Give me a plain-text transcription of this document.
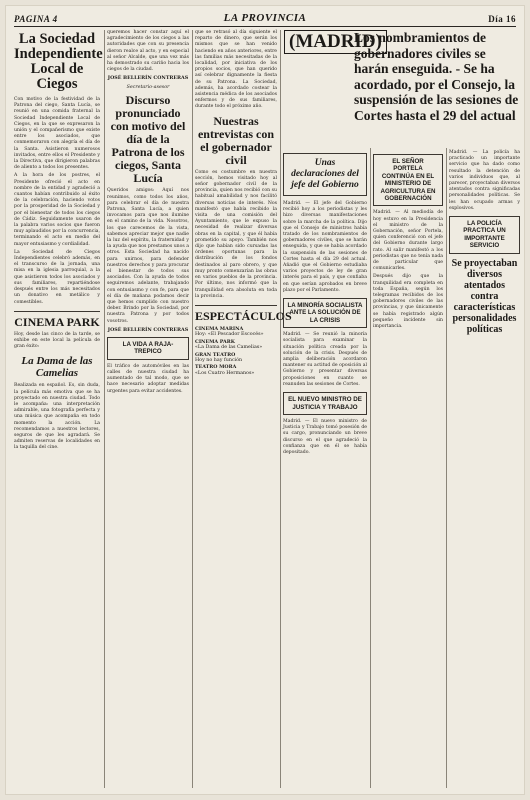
PAGINA 4	LA PROVINCIA	Día 16
La Sociedad Independiente Local de Ciegos

Con motivo de la festividad de la Patrona del ciego, Santa Lucía, se reunió en una comida fraternal la Sociedad Independiente Local de Ciegos, en la que se expresaron la unión y el compañerismo que existe entre los asociados, que conmemoraron con alegría el día de la Santa. Asistieron numerosos invitados, entre ellos el Presidente y la Directiva, que dirigieron palabras de aliento a todos los presentes.

A la hora de los postres, el Presidente ofreció el acto en nombre de la entidad y agradeció a cuantos habían contribuido al éxito de la celebración, haciendo votos por la prosperidad de la Sociedad y por el bienestar de todos los ciegos de Cádiz. Seguidamente usaron de la palabra varios socios que fueron muy aplaudidos por la concurrencia, terminando el acto en medio del mayor entusiasmo y cordialidad.

La Sociedad de Ciegos Independientes celebró además, en el transcurso de la jornada, una misa en la iglesia parroquial, a la que asistieron todos los asociados y sus familiares, repartiéndose después entre los más necesitados un donativo en metálico y comestibles.

CINEMA PARK

Hoy, desde las cinco de la tarde, se exhibe en este local la película de gran éxito:

La Dama de las Camelias

Realizada en español. Es, sin duda, la película más emotiva que se ha proyectado en nuestra ciudad. Todo le acompaña: una interpretación admirable, una fotografía perfecta y una música que acompaña en todo momento la acción. La recomendamos a nuestros lectores, seguros de que les agradará. Se admiten reservas de localidades en la taquilla del cine.

queremos hacer constar aquí el agradecimiento de los ciegos a las autoridades que con su presencia dieron realce al acto, y en especial al señor Alcalde, que una vez más ha demostrado su cariño hacia los ciegos de la ciudad.

JOSÉ BELLERÍN CONTRERAS
Secretario-asesor
Discurso pronunciado con motivo del día de la Patrona de los ciegos, Santa Lucía

Queridos amigos: Aquí nos reunimos, como todos los años, para celebrar el día de nuestra Patrona, Santa Lucía, a quien invocamos para que nos ilumine en el camino de la vida. Nosotros, los que carecemos de la vista, sabemos apreciar mejor que nadie la luz del espíritu, la fraternidad y la ayuda que nos prestamos unos a otros. Esta Sociedad ha nacido para unirnos, para defender nuestros derechos y para procurar el bienestar de todos sus asociados. Con la ayuda de todos seguiremos adelante, trabajando con entusiasmo y con fe, para que el día de mañana podamos decir que hemos cumplido con nuestro deber. Brindo por la Sociedad, por nuestra Patrona y por todos vosotros.

JOSÉ BELLERÍN CONTRERAS
LA VIDA A RAJA-TREPICO

El tráfico de automóviles en las calles de nuestra ciudad ha aumentado de tal modo, que se hace necesario adoptar medidas urgentes para evitar accidentes.

que se retrasó al día siguiente el reparto de dinero, que serán los mismos que se han venido haciendo en años anteriores, entre las familias más necesitadas de la localidad, por iniciativa de los propios socios, que han querido así celebrar dignamente la fiesta de su Patrona. La Sociedad, además, ha acordado costear la asistencia médica de los asociados enfermos y de sus familiares, durante todo el próximo año.

Nuestras entrevistas con el gobernador civil

Como es costumbre en nuestra sección, hemos visitado hoy al señor gobernador civil de la provincia, quien nos recibió con su habitual amabilidad y nos facilitó diversas noticias de interés. Nos manifestó que había recibido la visita de una comisión del Ayuntamiento, que le expuso la necesidad de realizar diversas obras en la capital, y que él había prometido su apoyo. También nos dijo que habían sido cursadas las órdenes oportunas para la distribución de los fondos destinados al paro obrero, y que muy pronto comenzarían las obras en varios pueblos de la provincia. Por último, nos informó que la tranquilidad era absoluta en toda la provincia.

ESPECTÁCULOS
CINEMA MARINA
Hoy: «El Pescador Escocés»
CINEMA PARK
«La Dama de las Camelias»
GRAN TEATRO
Hoy no hay función
TEATRO MORA
«Los Cuatro Hermanos»
(MADRID)
Los nombramientos de gobernadores civiles se harán enseguida. - Se ha acordado, por el Consejo, la suspensión de las sesiones de Cortes hasta el 29 del actual
Unas declaraciones del jefe del Gobierno

Madrid. — El jefe del Gobierno recibió hoy a los periodistas y les hizo diversas manifestaciones sobre la marcha de la política. Dijo que el Consejo de ministros había tratado de los nombramientos de gobernadores civiles, que se harán enseguida, y que se había acordado la suspensión de las sesiones de Cortes hasta el día 29 del actual. Añadió que el Gobierno estudiaba varios proyectos de ley de gran interés para el país, y que confiaba en que serían aprobados en breve plazo por el Parlamento.

LA MINORÍA SOCIALISTA ANTE LA SOLUCIÓN DE LA CRISIS

Madrid. — Se reunió la minoría socialista para examinar la situación política creada por la solución de la crisis. Después de amplia deliberación acordaron mantener su actitud de oposición al Gobierno y presentar diversas proposiciones en cuanto se reanuden las sesiones de Cortes.

EL NUEVO MINISTRO DE JUSTICIA Y TRABAJO

Madrid. — El nuevo ministro de Justicia y Trabajo tomó posesión de su cargo, pronunciando un breve discurso en el que agradeció la confianza que en él se había depositado.

EL SEÑOR PORTELA CONTINÚA EN EL MINISTERIO DE AGRICULTURA EN GOBERNACIÓN

Madrid. — Al mediodía de hoy estuvo en la Presidencia el ministro de la Gobernación, señor Portela, quien conferenció con el jefe del Gobierno durante largo rato. Al salir manifestó a los periodistas que no tenía nada de particular que comunicarles.

Después dijo que la tranquilidad era completa en toda España, según los telegramas recibidos de los gobernadores civiles de las provincias, y que únicamente se había registrado algún pequeño incidente sin importancia.

Madrid. — La policía ha practicado un importante servicio que ha dado como resultado la detención de varios individuos que, al parecer, proyectaban diversos atentados contra significadas personalidades políticas. Se les han ocupado armas y explosivos.

LA POLICÍA PRACTICA UN IMPORTANTE SERVICIO
Se proyectaban diversos atentados contra características personalidades políticas
